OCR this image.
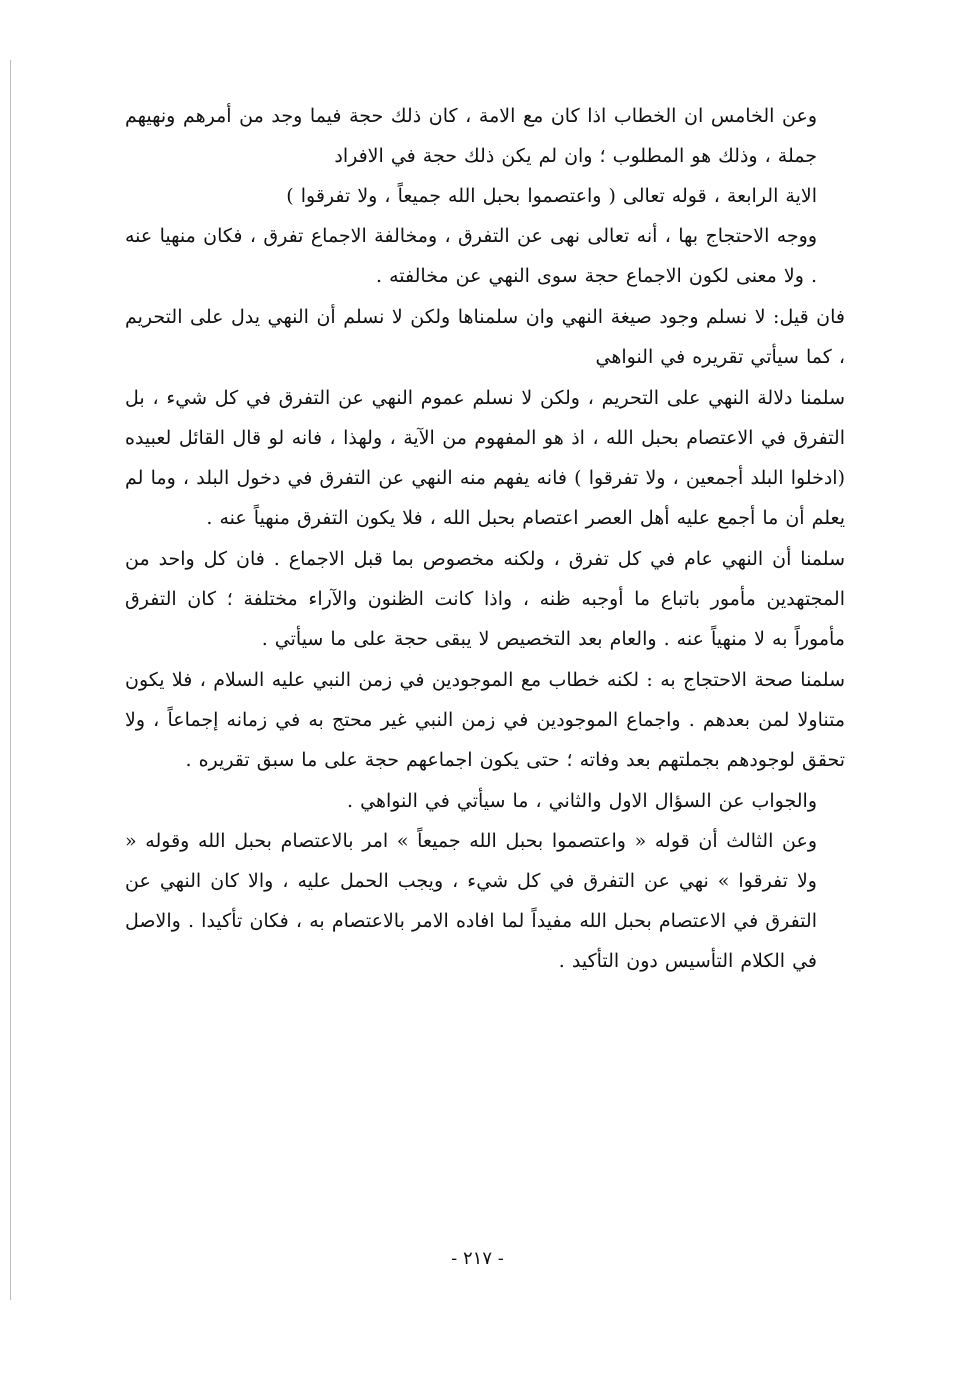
وعن الخامس ان الخطاب اذا كان مع الامة ، كان ذلك حجة فيما وجد من أمرهم ونهيهم جملة ، وذلك هو المطلوب ؛ وان لم يكن ذلك حجة في الافراد

الاية الرابعة ، قوله تعالى ( واعتصموا بحبل الله جميعاً ، ولا تفرقوا )

ووجه الاحتجاج بها ، أنه تعالى نهى عن التفرق ، ومخالفة الاجماع تفرق ، فكان منهيا عنه . ولا معنى لكون الاجماع حجة سوى النهي عن مخالفته .

فان قيل: لا نسلم وجود صيغة النهي وان سلمناها ولكن لا نسلم أن النهي يدل على التحريم ، كما سيأتي تقريره في النواهي

سلمنا دلالة النهي على التحريم ، ولكن لا نسلم عموم النهي عن التفرق في كل شيء ، بل التفرق في الاعتصام بحبل الله ، اذ هو المفهوم من الآية ، ولهذا ، فانه لو قال القائل لعبيده (ادخلوا البلد أجمعين ، ولا تفرقوا ) فانه يفهم منه النهي عن التفرق في دخول البلد ، وما لم يعلم أن ما أجمع عليه أهل العصر اعتصام بحبل الله ، فلا يكون التفرق منهياً عنه .

سلمنا أن النهي عام في كل تفرق ، ولكنه مخصوص بما قبل الاجماع . فان كل واحد من المجتهدين مأمور باتباع ما أوجبه ظنه ، واذا كانت الظنون والآراء مختلفة ؛ كان التفرق مأموراً به لا منهياً عنه . والعام بعد التخصيص لا يبقى حجة على ما سيأتي .

سلمنا صحة الاحتجاج به : لكنه خطاب مع الموجودين في زمن النبي عليه السلام ، فلا يكون متناولا لمن بعدهم . واجماع الموجودين في زمن النبي غير محتج به في زمانه إجماعاً ، ولا تحقق لوجودهم بجملتهم بعد وفاته ؛ حتى يكون اجماعهم حجة على ما سبق تقريره .

والجواب عن السؤال الاول والثاني ، ما سيأتي في النواهي .

وعن الثالث أن قوله « واعتصموا بحبل الله جميعاً » امر بالاعتصام بحبل الله وقوله « ولا تفرقوا » نهي عن التفرق في كل شيء ، ويجب الحمل عليه ، والا كان النهي عن التفرق في الاعتصام بحبل الله مفيداً لما افاده الامر بالاعتصام به ، فكان تأكيدا . والاصل في الكلام التأسيس دون التأكيد .

- ٢١٧ -
